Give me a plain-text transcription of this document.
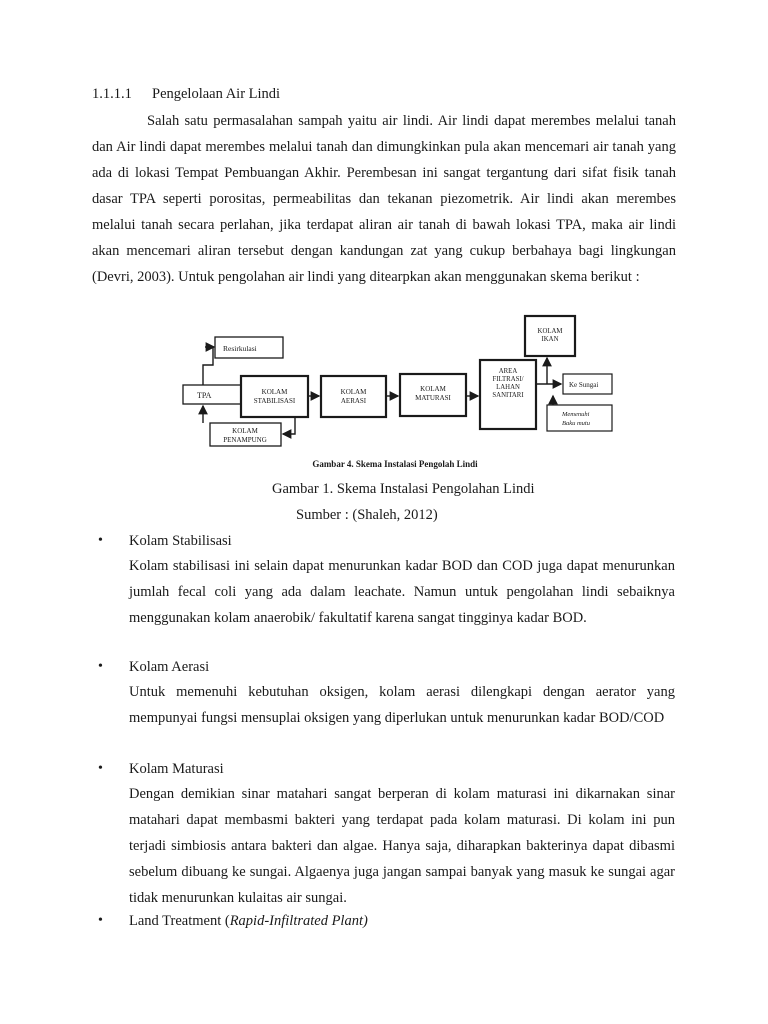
1.1.1.1 Pengelolaan Air Lindi
Salah satu permasalahan sampah yaitu air lindi. Air lindi dapat merembes melalui tanah dan Air lindi dapat merembes melalui tanah dan dimungkinkan pula akan mencemari air tanah yang ada di lokasi Tempat Pembuangan Akhir. Perembesan ini sangat tergantung dari sifat fisik tanah dasar TPA seperti porositas, permeabilitas dan tekanan piezometrik. Air lindi akan merembes melalui tanah secara perlahan, jika terdapat aliran air tanah di bawah lokasi TPA, maka air lindi akan mencemari aliran tersebut dengan kandungan zat yang cukup berbahaya bagi lingkungan (Devri, 2003). Untuk pengolahan air lindi yang ditearpkan akan menggunakan skema berikut :
Resirkulasi
TPA
KOLAM
PENAMPUNG
KOLAM
STABILISASI
KOLAM
AERASI
KOLAM
MATURASI
AREA
FILTRASI/
LAHAN
SANITARI
KOLAM
IKAN
Ke Sungai
Memenuhi
Baku mutu
Gambar 4. Skema Instalasi Pengolah Lindi
Gambar 1. Skema Instalasi Pengolahan Lindi
Sumber : (Shaleh, 2012)
• Kolam Stabilisasi
Kolam stabilisasi ini selain dapat menurunkan kadar BOD dan COD juga dapat menurunkan jumlah fecal coli yang ada dalam leachate. Namun untuk pengolahan lindi sebaiknya menggunakan kolam anaerobik/ fakultatif karena sangat tingginya kadar BOD.
• Kolam Aerasi
Untuk memenuhi kebutuhan oksigen, kolam aerasi dilengkapi dengan aerator yang mempunyai fungsi mensuplai oksigen yang diperlukan untuk menurunkan kadar BOD/COD
• Kolam Maturasi
Dengan demikian sinar matahari sangat berperan di kolam maturasi ini dikarnakan sinar matahari dapat membasmi bakteri yang terdapat pada kolam maturasi. Di kolam ini pun terjadi simbiosis antara bakteri dan algae. Hanya saja, diharapkan bakterinya dapat dibasmi sebelum dibuang ke sungai. Algaenya juga jangan sampai banyak yang masuk ke sungai agar tidak menurunkan kulaitas air sungai.
• Land Treatment (Rapid-Infiltrated Plant)
